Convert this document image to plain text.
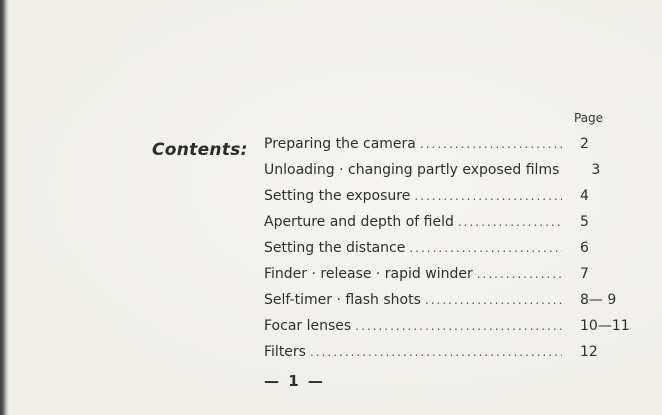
Page
Contents: Preparing the camera .....	2
Unloading · changing partly exposed films	3
Setting the exposure .....	4
Aperture and depth of field .....	5
Setting the distance .....	6
Finder · release · rapid winder .....	7
Self-timer · flash shots .....	8— 9
Focar lenses .....	10—11
Filters .....	12
— 1 —
